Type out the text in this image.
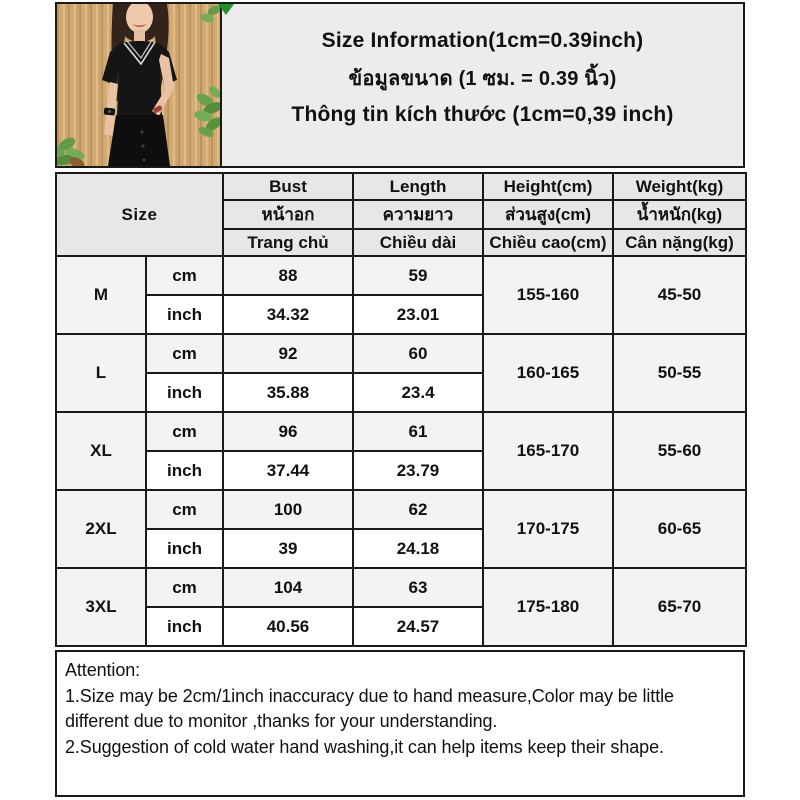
Size Information(1cm=0.39inch)
ข้อมูลขนาด (1 ซม. = 0.39 นิ้ว)
Thông tin kích thước (1cm=0,39 inch)
Size		Bust	Length	Height(cm)	Weight(kg)
		หน้าอก	ความยาว	ส่วนสูง(cm)	น้ำหนัก(kg)
		Trang chủ	Chiều dài	Chiều cao(cm)	Cân nặng(kg)
M	cm	88	59	155-160	45-50
	inch	34.32	23.01		
L	cm	92	60	160-165	50-55
	inch	35.88	23.4		
XL	cm	96	61	165-170	55-60
	inch	37.44	23.79		
2XL	cm	100	62	170-175	60-65
	inch	39	24.18		
3XL	cm	104	63	175-180	65-70
	inch	40.56	24.57		
Attention:
1.Size may be 2cm/1inch inaccuracy due to hand measure,Color may be little different due to monitor ,thanks for your understanding.
2.Suggestion of cold water hand washing,it can help items keep their shape.
